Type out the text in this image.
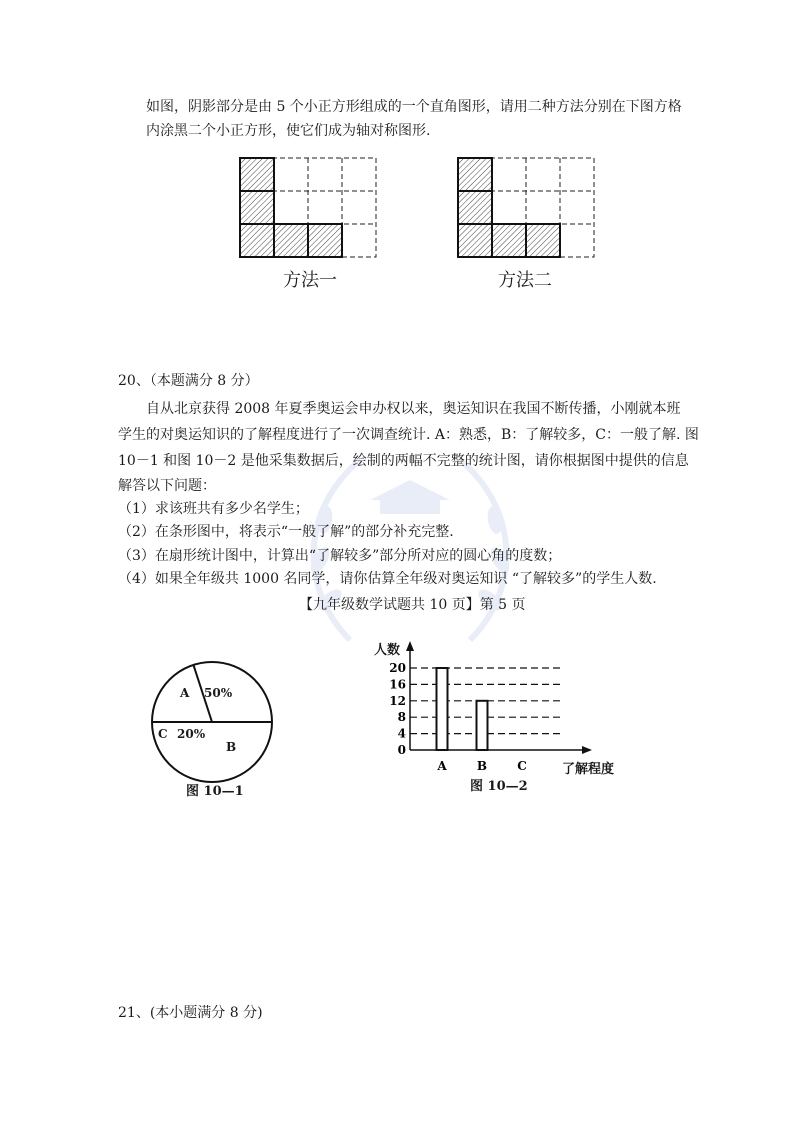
如图，阴影部分是由 5 个小正方形组成的一个直角图形，请用二种方法分别在下图方格
内涂黑二个小正方形，使它们成为轴对称图形.
方法一	方法二
20、（本题满分 8 分）
自从北京获得 2008 年夏季奥运会申办权以来，奥运知识在我国不断传播，小刚就本班
学生的对奥运知识的了解程度进行了一次调查统计. A：熟悉，B：了解较多，C：一般了解. 图
10－1 和图 10－2 是他采集数据后，绘制的两幅不完整的统计图，请你根据图中提供的信息
解答以下问题：
（1）求该班共有多少名学生；
（2）在条形图中，将表示“一般了解”的部分补充完整.
（3）在扇形统计图中，计算出“了解较多”部分所对应的圆心角的度数；
（4）如果全年级共 1000 名同学，请你估算全年级对奥运知识 “了解较多”的学生人数.
【九年级数学试题共 10 页】第 5 页
A 50%
C 20%
B
图 10—1
0
4
8
12
16
20
A	B	C
人数
了解程度
图 10—2
21、(本小题满分 8 分)
